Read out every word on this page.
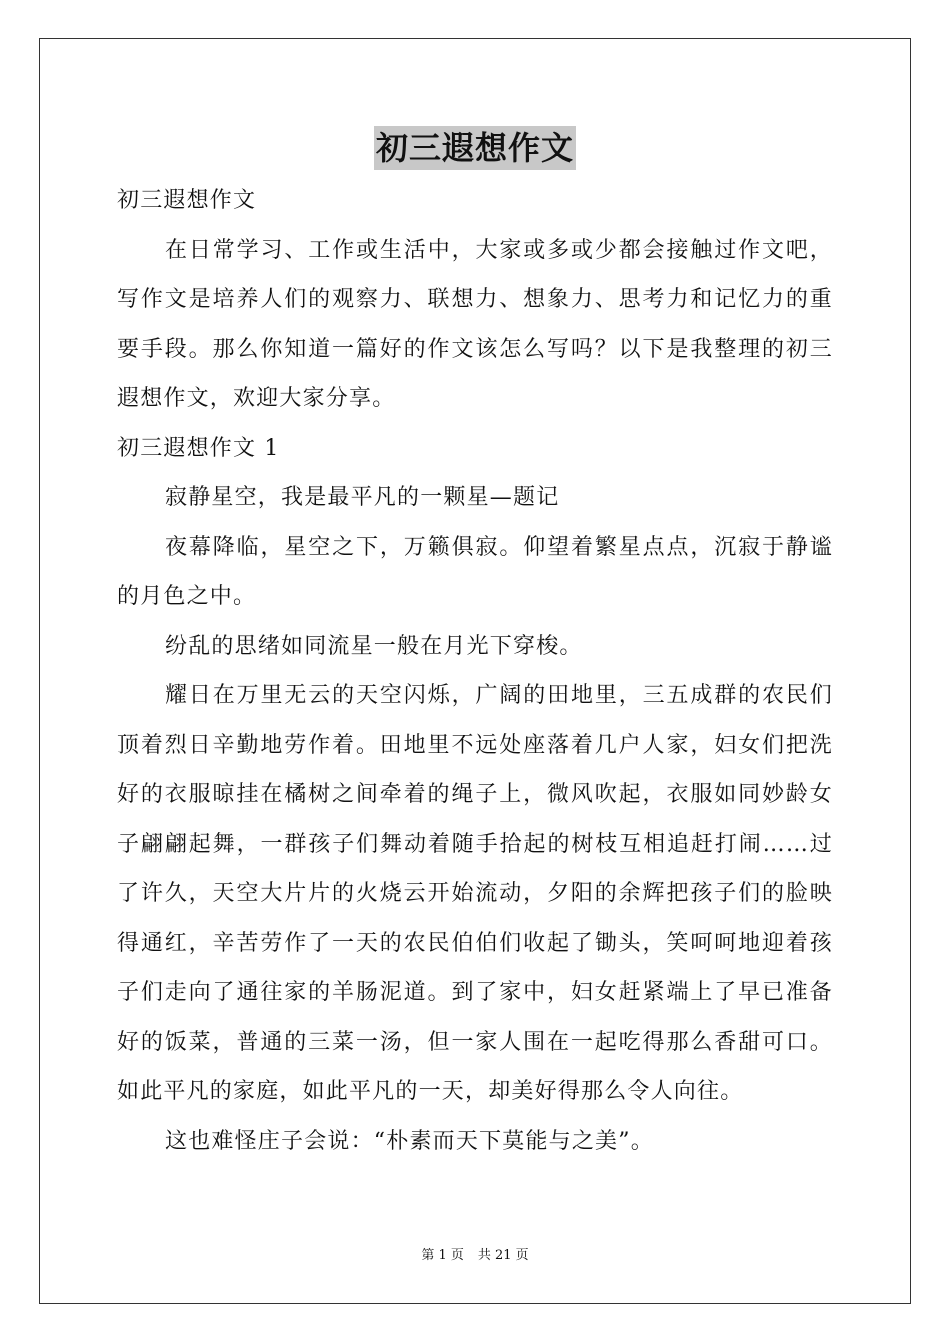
初三遐想作文

初三遐想作文

在日常学习、工作或生活中，大家或多或少都会接触过作文吧，写作文是培养人们的观察力、联想力、想象力、思考力和记忆力的重要手段。那么你知道一篇好的作文该怎么写吗？以下是我整理的初三遐想作文，欢迎大家分享。

初三遐想作文 1

寂静星空，我是最平凡的一颗星—题记

夜幕降临，星空之下，万籁俱寂。仰望着繁星点点，沉寂于静谧的月色之中。

纷乱的思绪如同流星一般在月光下穿梭。

耀日在万里无云的天空闪烁，广阔的田地里，三五成群的农民们顶着烈日辛勤地劳作着。田地里不远处座落着几户人家，妇女们把洗好的衣服晾挂在橘树之间牵着的绳子上，微风吹起，衣服如同妙龄女子翩翩起舞，一群孩子们舞动着随手拾起的树枝互相追赶打闹……过了许久，天空大片片的火烧云开始流动，夕阳的余辉把孩子们的脸映得通红，辛苦劳作了一天的农民伯伯们收起了锄头，笑呵呵地迎着孩子们走向了通往家的羊肠泥道。到了家中，妇女赶紧端上了早已准备好的饭菜，普通的三菜一汤，但一家人围在一起吃得那么香甜可口。如此平凡的家庭，如此平凡的一天，却美好得那么令人向往。

这也难怪庄子会说：“朴素而天下莫能与之美”。

第 1 页 共 21 页
